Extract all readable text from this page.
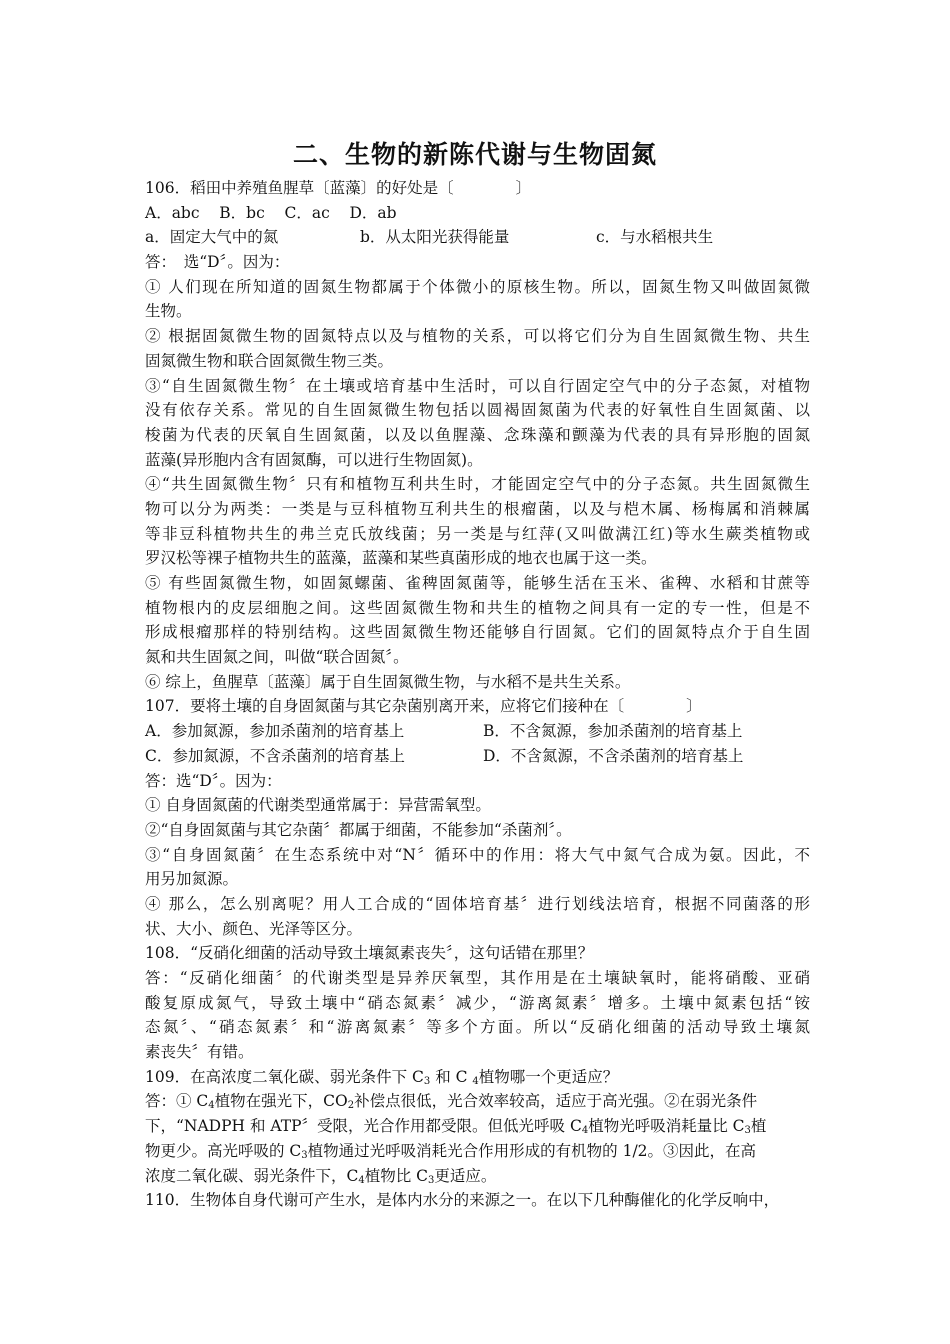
二、生物的新陈代谢与生物固氮
106．稻田中养殖鱼腥草〔蓝藻〕的好处是〔　　　　〕
A．abc B．bc C．ac D．ab
a．固定大气中的氮	b．从太阳光获得能量	c．与水稻根共生
答：　选“D〞。因为：
① 人们现在所知道的固氮生物都属于个体微小的原核生物。所以，固氮生物又叫做固氮微
生物。
② 根据固氮微生物的固氮特点以及与植物的关系，可以将它们分为自生固氮微生物、共生
固氮微生物和联合固氮微生物三类。
③“自生固氮微生物〞在土壤或培育基中生活时，可以自行固定空气中的分子态氮，对植物
没有依存关系。常见的自生固氮微生物包括以圆褐固氮菌为代表的好氧性自生固氮菌、以
梭菌为代表的厌氧自生固氮菌，以及以鱼腥藻、念珠藻和颤藻为代表的具有异形胞的固氮
蓝藻(异形胞内含有固氮酶，可以进行生物固氮)。
④“共生固氮微生物〞只有和植物互利共生时，才能固定空气中的分子态氮。共生固氮微生
物可以分为两类：一类是与豆科植物互利共生的根瘤菌，以及与桤木属、杨梅属和消棘属
等非豆科植物共生的弗兰克氏放线菌；另一类是与红萍(又叫做满江红)等水生蕨类植物或
罗汉松等裸子植物共生的蓝藻，蓝藻和某些真菌形成的地衣也属于这一类。
⑤ 有些固氮微生物，如固氮螺菌、雀稗固氮菌等，能够生活在玉米、雀稗、水稻和甘蔗等
植物根内的皮层细胞之间。这些固氮微生物和共生的植物之间具有一定的专一性，但是不
形成根瘤那样的特别结构。这些固氮微生物还能够自行固氮。它们的固氮特点介于自生固
氮和共生固氮之间，叫做“联合固氮〞。
⑥ 综上，鱼腥草〔蓝藻〕属于自生固氮微生物，与水稻不是共生关系。
107．要将土壤的自身固氮菌与其它杂菌别离开来，应将它们接种在〔　　　　〕
A．参加氮源，参加杀菌剂的培育基上	B．不含氮源，参加杀菌剂的培育基上
C．参加氮源，不含杀菌剂的培育基上	D．不含氮源，不含杀菌剂的培育基上
答：选“D〞。因为：
① 自身固氮菌的代谢类型通常属于：异营需氧型。
②“自身固氮菌与其它杂菌〞都属于细菌，不能参加“杀菌剂〞。
③“自身固氮菌〞在生态系统中对“N〞循环中的作用：将大气中氮气合成为氨。因此，不
用另加氮源。
④ 那么，怎么别离呢？用人工合成的“固体培育基〞进行划线法培育，根据不同菌落的形
状、大小、颜色、光泽等区分。
108．“反硝化细菌的活动导致土壤氮素丧失〞，这句话错在那里？
答：“反硝化细菌〞的代谢类型是异养厌氧型，其作用是在土壤缺氧时，能将硝酸、亚硝
酸复原成氮气，导致土壤中“硝态氮素〞减少，“游离氮素〞增多。土壤中氮素包括“铵
态氮〞、“硝态氮素〞和“游离氮素〞等多个方面。所以“反硝化细菌的活动导致土壤氮
素丧失〞有错。
109．在高浓度二氧化碳、弱光条件下 $C_3$ 和 C $_4$植物哪一个更适应？
答：① $C_4$植物在强光下，$CO_2$补偿点很低，光合效率较高，适应于高光强。②在弱光条件
下，“NADPH 和 ATP〞受限，光合作用都受限。但低光呼吸 $C_4$植物光呼吸消耗量比 $C_3$植
物更少。高光呼吸的 $C_3$植物通过光呼吸消耗光合作用形成的有机物的 1/2。③因此，在高
浓度二氧化碳、弱光条件下，$C_4$植物比 $C_3$更适应。
110．生物体自身代谢可产生水，是体内水分的来源之一。在以下几种酶催化的化学反响中，
